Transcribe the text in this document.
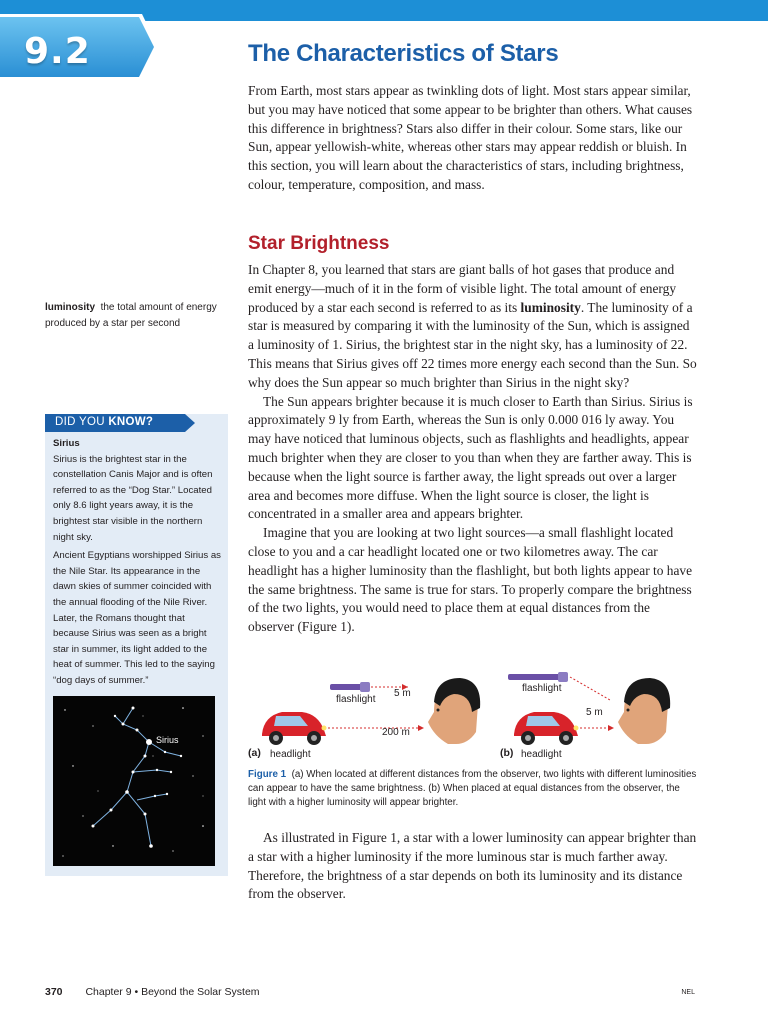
9.2	The Characteristics of Stars

From Earth, most stars appear as twinkling dots of light. Most stars appear similar, but you may have noticed that some appear to be brighter than others. What causes this difference in brightness? Stars also differ in their colour. Some stars, like our Sun, appear yellowish-white, whereas other stars may appear reddish or bluish. In this section, you will learn about the characteristics of stars, including brightness, colour, temperature, composition, and mass.

Star Brightness

In Chapter 8, you learned that stars are giant balls of hot gases that produce and emit energy—much of it in the form of visible light. The total amount of energy produced by a star each second is referred to as its luminosity. The luminosity of a star is measured by comparing it with the luminosity of the Sun, which is assigned a luminosity of 1. Sirius, the brightest star in the night sky, has a luminosity of 22. This means that Sirius gives off 22 times more energy each second than the Sun. So why does the Sun appear so much brighter than Sirius in the night sky?

The Sun appears brighter because it is much closer to Earth than Sirius. Sirius is approximately 9 ly from Earth, whereas the Sun is only 0.000 016 ly away. You may have noticed that luminous objects, such as flashlights and headlights, appear much brighter when they are closer to you than when they are farther away. This is because when the light source is farther away, the light spreads out over a larger area and becomes more diffuse. When the light source is closer, the light is concentrated in a smaller area and appears brighter.

Imagine that you are looking at two light sources—a small flashlight located close to you and a car headlight located one or two kilometres away. The car headlight has a higher luminosity than the flashlight, but both lights appear to have the same brightness. The same is true for stars. To properly compare the brightness of the two lights, you would need to place them at equal distances from the observer (Figure 1).

As illustrated in Figure 1, a star with a lower luminosity can appear brighter than a star with a higher luminosity if the more luminous star is much farther away. Therefore, the brightness of a star depends on both its luminosity and its distance from the observer.

luminosity the total amount of energy produced by a star per second
DID YOU KNOW?
Sirius

Sirius is the brightest star in the constellation Canis Major and is often referred to as the “Dog Star.” Located only 8.6 light years away, it is the brightest star visible in the northern night sky.

Ancient Egyptians worshipped Sirius as the Nile Star. Its appearance in the dawn skies of summer coincided with the annual flooding of the Nile River. Later, the Romans thought that because Sirius was seen as a bright star in summer, its light added to the heat of summer. This led to the saying “dog days of summer.”

Sirius
flashlight
5 m
200 m
(a) headlight
flashlight
5 m
(b) headlight
Figure 1 (a) When located at different distances from the observer, two lights with different luminosities can appear to have the same brightness. (b) When placed at equal distances from the observer, the light with a higher luminosity will appear brighter.
370 Chapter 9 • Beyond the Solar System	NEL
